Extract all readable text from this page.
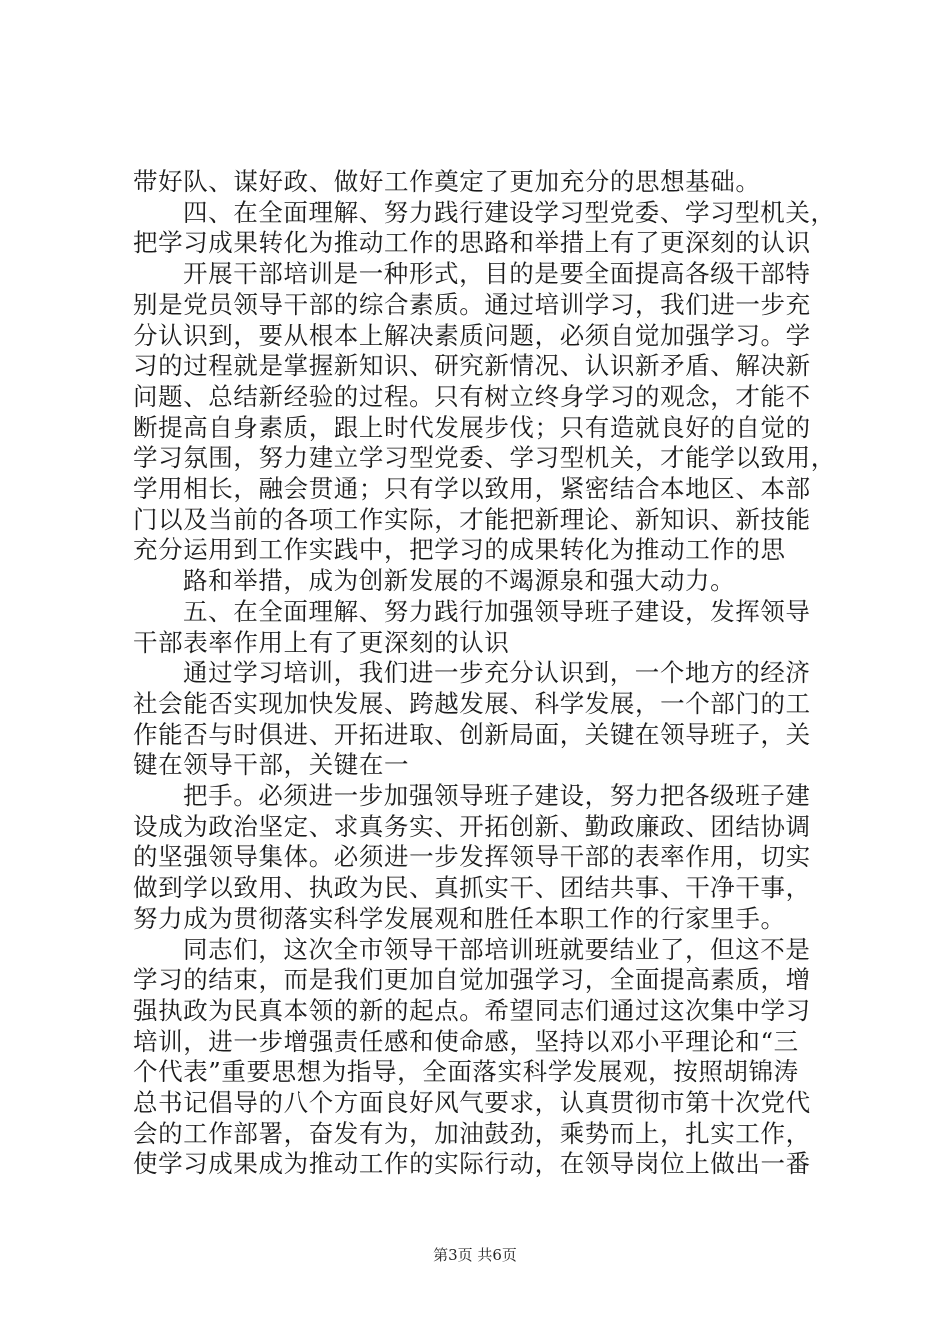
带好队、谋好政、做好工作奠定了更加充分的思想基础。
四、在全面理解、努力践行建设学习型党委、学习型机关，
把学习成果转化为推动工作的思路和举措上有了更深刻的认识
开展干部培训是一种形式，目的是要全面提高各级干部特
别是党员领导干部的综合素质。通过培训学习，我们进一步充
分认识到，要从根本上解决素质问题，必须自觉加强学习。学
习的过程就是掌握新知识、研究新情况、认识新矛盾、解决新
问题、总结新经验的过程。只有树立终身学习的观念，才能不
断提高自身素质，跟上时代发展步伐；只有造就良好的自觉的
学习氛围，努力建立学习型党委、学习型机关，才能学以致用，
学用相长，融会贯通；只有学以致用，紧密结合本地区、本部
门以及当前的各项工作实际，才能把新理论、新知识、新技能
充分运用到工作实践中，把学习的成果转化为推动工作的思
路和举措，成为创新发展的不竭源泉和强大动力。
五、在全面理解、努力践行加强领导班子建设，发挥领导
干部表率作用上有了更深刻的认识
通过学习培训，我们进一步充分认识到，一个地方的经济
社会能否实现加快发展、跨越发展、科学发展，一个部门的工
作能否与时俱进、开拓进取、创新局面，关键在领导班子，关
键在领导干部，关键在一
把手。必须进一步加强领导班子建设，努力把各级班子建
设成为政治坚定、求真务实、开拓创新、勤政廉政、团结协调
的坚强领导集体。必须进一步发挥领导干部的表率作用，切实
做到学以致用、执政为民、真抓实干、团结共事、干净干事，
努力成为贯彻落实科学发展观和胜任本职工作的行家里手。
同志们，这次全市领导干部培训班就要结业了，但这不是
学习的结束，而是我们更加自觉加强学习，全面提高素质，增
强执政为民真本领的新的起点。希望同志们通过这次集中学习
培训，进一步增强责任感和使命感，坚持以邓小平理论和“三
个代表”重要思想为指导，全面落实科学发展观，按照胡锦涛
总书记倡导的八个方面良好风气要求，认真贯彻市第十次党代
会的工作部署，奋发有为，加油鼓劲，乘势而上，扎实工作，
使学习成果成为推动工作的实际行动，在领导岗位上做出一番
第3页 共6页
